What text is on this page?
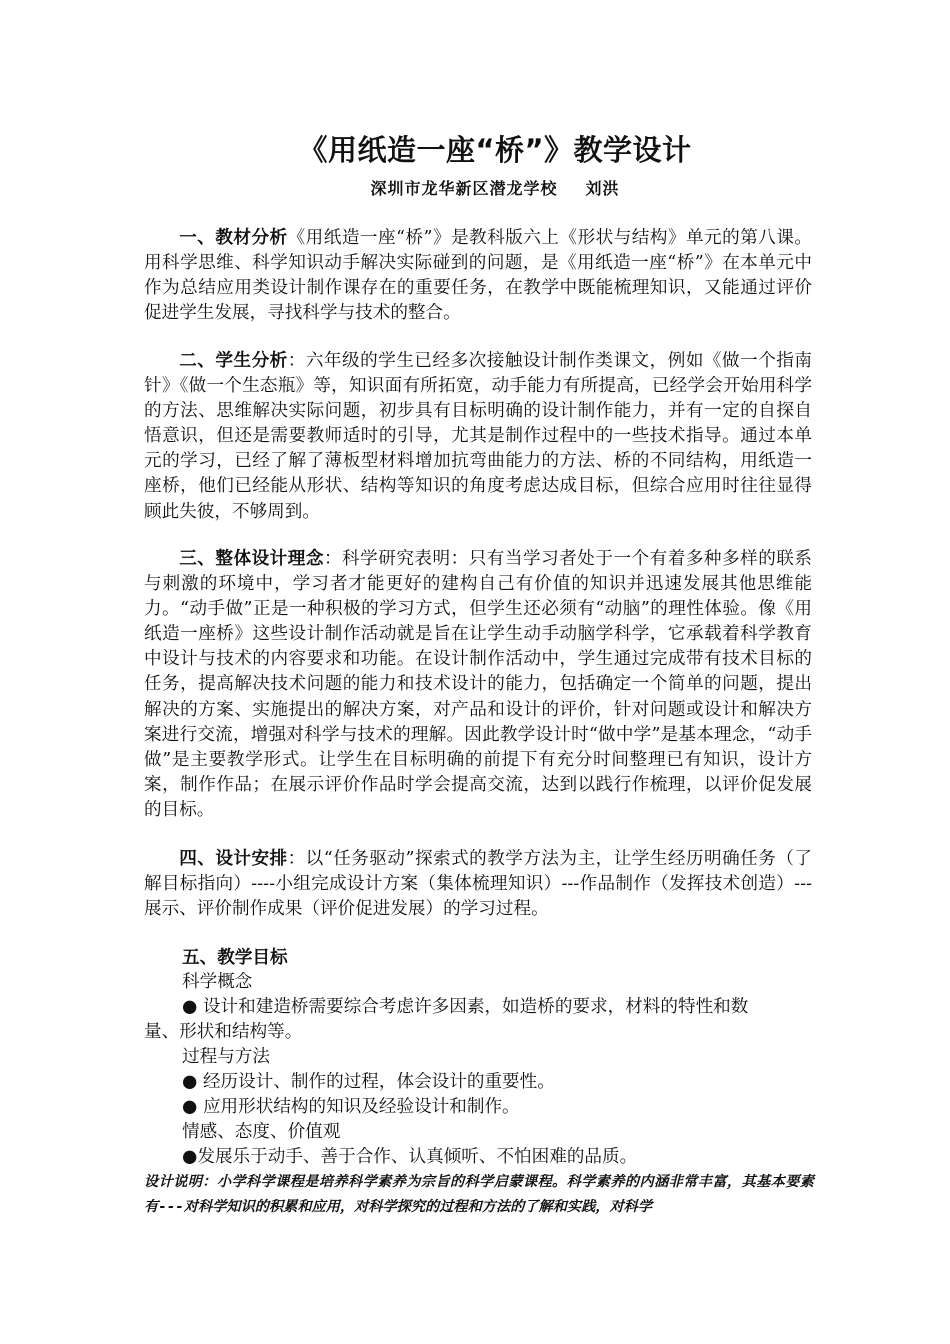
《用纸造一座“桥”》教学设计
深圳市龙华新区潜龙学校 刘洪

一、教材分析《用纸造一座“桥”》是教科版六上《形状与结构》单元的第八课。用科学思维、科学知识动手解决实际碰到的问题，是《用纸造一座“桥”》在本单元中作为总结应用类设计制作课存在的重要任务，在教学中既能梳理知识，又能通过评价促进学生发展，寻找科学与技术的整合。

二、学生分析：六年级的学生已经多次接触设计制作类课文，例如《做一个指南针》《做一个生态瓶》等，知识面有所拓宽，动手能力有所提高，已经学会开始用科学的方法、思维解决实际问题，初步具有目标明确的设计制作能力，并有一定的自探自悟意识，但还是需要教师适时的引导，尤其是制作过程中的一些技术指导。通过本单元的学习，已经了解了薄板型材料增加抗弯曲能力的方法、桥的不同结构，用纸造一座桥，他们已经能从形状、结构等知识的角度考虑达成目标，但综合应用时往往显得顾此失彼，不够周到。

三、整体设计理念：科学研究表明：只有当学习者处于一个有着多种多样的联系与刺激的环境中，学习者才能更好的建构自己有价值的知识并迅速发展其他思维能力。“动手做”正是一种积极的学习方式，但学生还必须有“动脑”的理性体验。像《用纸造一座桥》这些设计制作活动就是旨在让学生动手动脑学科学，它承载着科学教育中设计与技术的内容要求和功能。在设计制作活动中，学生通过完成带有技术目标的任务，提高解决技术问题的能力和技术设计的能力，包括确定一个简单的问题，提出解决的方案、实施提出的解决方案，对产品和设计的评价，针对问题或设计和解决方案进行交流，增强对科学与技术的理解。因此教学设计时“做中学”是基本理念，“动手做”是主要教学形式。让学生在目标明确的前提下有充分时间整理已有知识，设计方案，制作作品；在展示评价作品时学会提高交流，达到以践行作梳理，以评价促发展的目标。

四、设计安排：以“任务驱动”探索式的教学方法为主，让学生经历明确任务（了解目标指向）----小组完成设计方案（集体梳理知识）---作品制作（发挥技术创造）---展示、评价制作成果（评价促进发展）的学习过程。

五、教学目标
科学概念
● 设计和建造桥需要综合考虑许多因素，如造桥的要求，材料的特性和数
量、形状和结构等。
过程与方法
● 经历设计、制作的过程，体会设计的重要性。
● 应用形状结构的知识及经验设计和制作。
情感、态度、价值观
●发展乐于动手、善于合作、认真倾听、不怕困难的品质。

设计说明：小学科学课程是培养科学素养为宗旨的科学启蒙课程。科学素养的内涵非常丰富，其基本要素有---对科学知识的积累和应用，对科学探究的过程和方法的了解和实践，对科学
